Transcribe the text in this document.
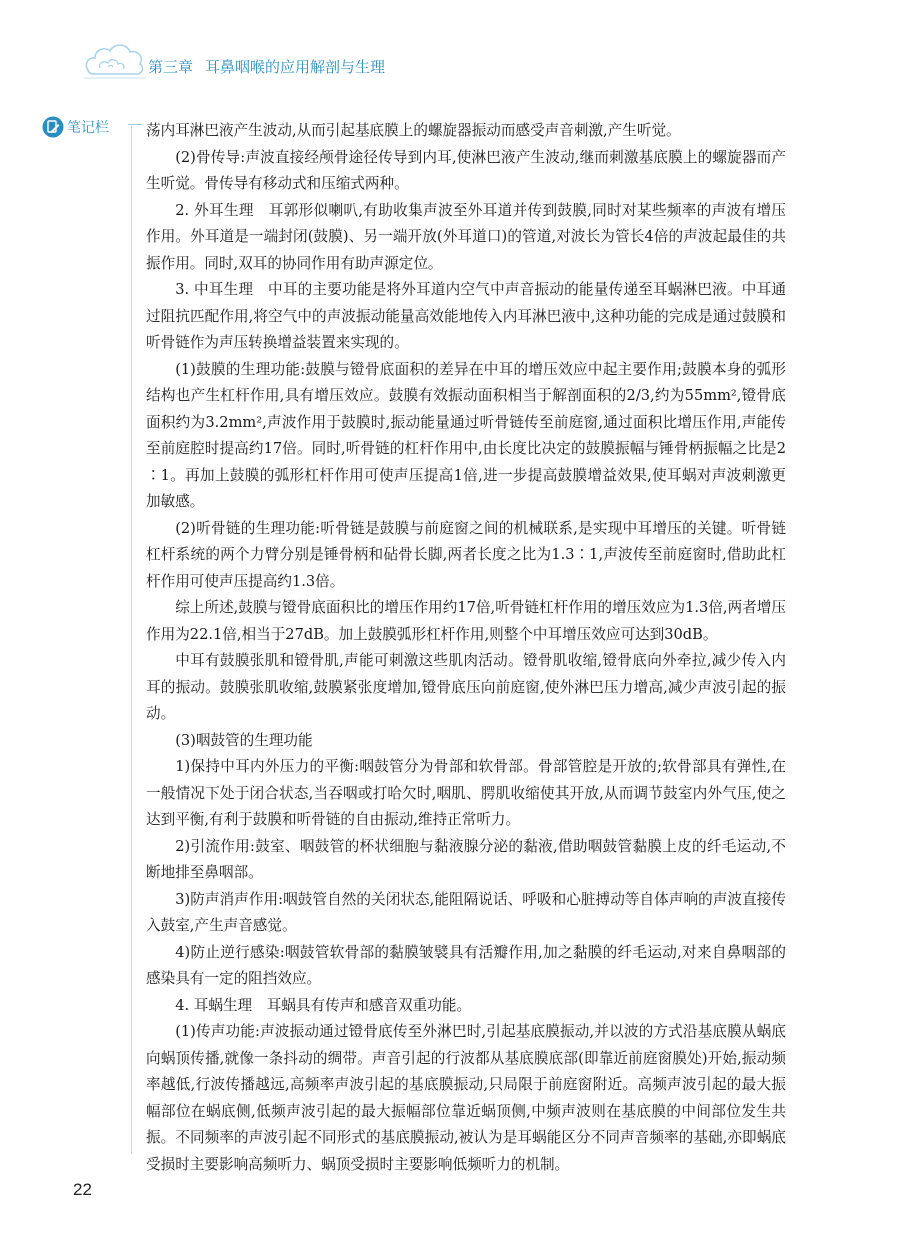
第三章 耳鼻咽喉的应用解剖与生理
笔记栏	荡内耳淋巴液产生波动,从而引起基底膜上的螺旋器振动而感受声音刺激,产生听觉。

(2)骨传导:声波直接经颅骨途径传导到内耳,使淋巴液产生波动,继而刺激基底膜上的螺旋器而产生听觉。骨传导有移动式和压缩式两种。

2. 外耳生理　耳郭形似喇叭,有助收集声波至外耳道并传到鼓膜,同时对某些频率的声波有增压作用。外耳道是一端封闭(鼓膜)、另一端开放(外耳道口)的管道,对波长为管长4倍的声波起最佳的共振作用。同时,双耳的协同作用有助声源定位。

3. 中耳生理　中耳的主要功能是将外耳道内空气中声音振动的能量传递至耳蜗淋巴液。中耳通过阻抗匹配作用,将空气中的声波振动能量高效能地传入内耳淋巴液中,这种功能的完成是通过鼓膜和听骨链作为声压转换增益装置来实现的。

(1)鼓膜的生理功能:鼓膜与镫骨底面积的差异在中耳的增压效应中起主要作用;鼓膜本身的弧形结构也产生杠杆作用,具有增压效应。鼓膜有效振动面积相当于解剖面积的2/3,约为55mm²,镫骨底面积约为3.2mm²,声波作用于鼓膜时,振动能量通过听骨链传至前庭窗,通过面积比增压作用,声能传至前庭腔时提高约17倍。同时,听骨链的杠杆作用中,由长度比决定的鼓膜振幅与锤骨柄振幅之比是2∶1。再加上鼓膜的弧形杠杆作用可使声压提高1倍,进一步提高鼓膜增益效果,使耳蜗对声波刺激更加敏感。

(2)听骨链的生理功能:听骨链是鼓膜与前庭窗之间的机械联系,是实现中耳增压的关键。听骨链杠杆系统的两个力臂分别是锤骨柄和砧骨长脚,两者长度之比为1.3∶1,声波传至前庭窗时,借助此杠杆作用可使声压提高约1.3倍。

综上所述,鼓膜与镫骨底面积比的增压作用约17倍,听骨链杠杆作用的增压效应为1.3倍,两者增压作用为22.1倍,相当于27dB。加上鼓膜弧形杠杆作用,则整个中耳增压效应可达到30dB。

中耳有鼓膜张肌和镫骨肌,声能可刺激这些肌肉活动。镫骨肌收缩,镫骨底向外牵拉,减少传入内耳的振动。鼓膜张肌收缩,鼓膜紧张度增加,镫骨底压向前庭窗,使外淋巴压力增高,减少声波引起的振动。

(3)咽鼓管的生理功能

1)保持中耳内外压力的平衡:咽鼓管分为骨部和软骨部。骨部管腔是开放的;软骨部具有弹性,在一般情况下处于闭合状态,当吞咽或打哈欠时,咽肌、腭肌收缩使其开放,从而调节鼓室内外气压,使之达到平衡,有利于鼓膜和听骨链的自由振动,维持正常听力。

2)引流作用:鼓室、咽鼓管的杯状细胞与黏液腺分泌的黏液,借助咽鼓管黏膜上皮的纤毛运动,不断地排至鼻咽部。

3)防声消声作用:咽鼓管自然的关闭状态,能阻隔说话、呼吸和心脏搏动等自体声响的声波直接传入鼓室,产生声音感觉。

4)防止逆行感染:咽鼓管软骨部的黏膜皱襞具有活瓣作用,加之黏膜的纤毛运动,对来自鼻咽部的感染具有一定的阻挡效应。

4. 耳蜗生理　耳蜗具有传声和感音双重功能。

(1)传声功能:声波振动通过镫骨底传至外淋巴时,引起基底膜振动,并以波的方式沿基底膜从蜗底向蜗顶传播,就像一条抖动的绸带。声音引起的行波都从基底膜底部(即靠近前庭窗膜处)开始,振动频率越低,行波传播越远,高频率声波引起的基底膜振动,只局限于前庭窗附近。高频声波引起的最大振幅部位在蜗底侧,低频声波引起的最大振幅部位靠近蜗顶侧,中频声波则在基底膜的中间部位发生共振。不同频率的声波引起不同形式的基底膜振动,被认为是耳蜗能区分不同声音频率的基础,亦即蜗底受损时主要影响高频听力、蜗顶受损时主要影响低频听力的机制。

22
